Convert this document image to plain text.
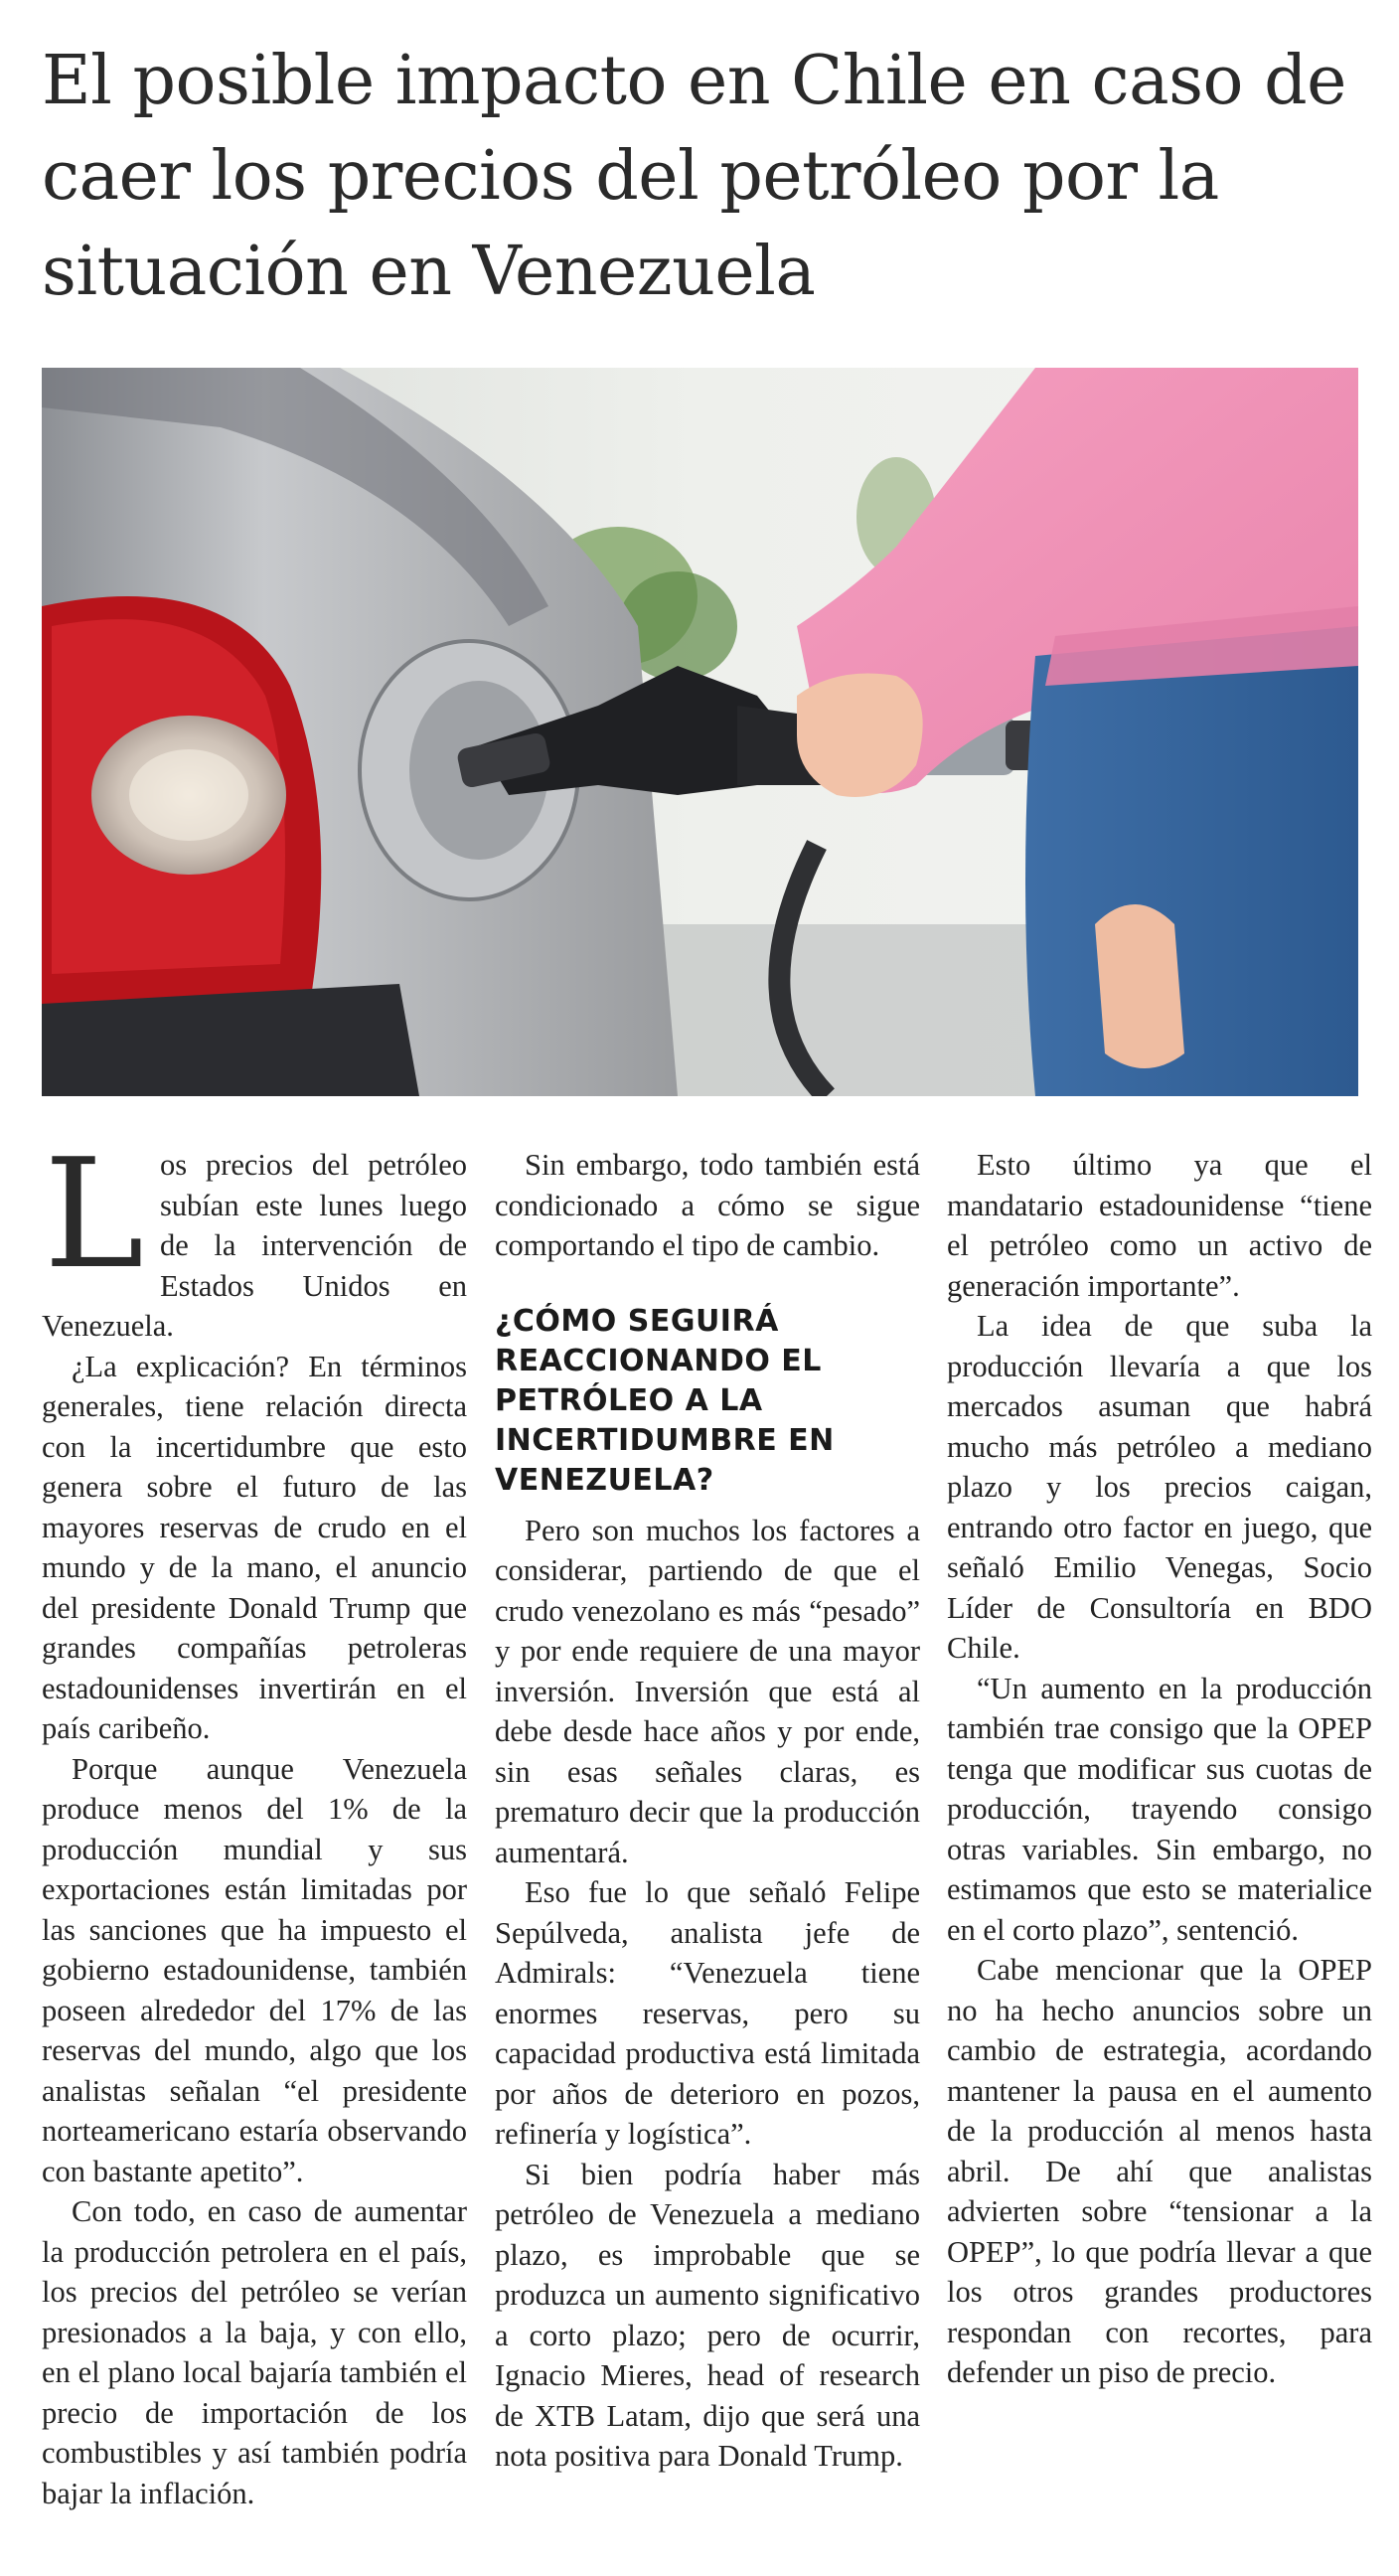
El posible impacto en Chile en caso de caer los precios del petróleo por la situación en Venezuela

Los precios del petróleo subían este lunes luego de la intervención de Estados Unidos en Venezuela.

¿La explicación? En términos generales, tiene relación directa con la incertidumbre que esto genera sobre el futuro de las mayores reservas de crudo en el mundo y de la mano, el anuncio del presidente Donald Trump que grandes compañías petroleras estadounidenses invertirán en el país caribeño.

Porque aunque Venezuela produce menos del 1% de la producción mundial y sus exportaciones están limitadas por las sanciones que ha impuesto el gobierno estadounidense, también poseen alrededor del 17% de las reservas del mundo, algo que los analistas señalan “el presidente norteamericano estaría observando con bastante apetito”.

Con todo, en caso de aumentar la producción petrolera en el país, los precios del petróleo se verían presionados a la baja, y con ello, en el plano local bajaría también el precio de importación de los combustibles y así también podría bajar la inflación.

Sin embargo, todo también está condicionado a cómo se sigue comportando el tipo de cambio.

¿CÓMO SEGUIRÁ REACCIONANDO EL PETRÓLEO A LA INCERTIDUMBRE EN VENEZUELA?

Pero son muchos los factores a considerar, partiendo de que el crudo venezolano es más “pesado” y por ende requiere de una mayor inversión. Inversión que está al debe desde hace años y por ende, sin esas señales claras, es prematuro decir que la producción aumentará.

Eso fue lo que señaló Felipe Sepúlveda, analista jefe de Admirals: “Venezuela tiene enormes reservas, pero su capacidad productiva está limitada por años de deterioro en pozos, refinería y logística”.

Si bien podría haber más petróleo de Venezuela a mediano plazo, es improbable que se produzca un aumento significativo a corto plazo; pero de ocurrir, Ignacio Mieres, head of research de XTB Latam, dijo que será una nota positiva para Donald Trump.

Esto último ya que el mandatario estadounidense “tiene el petróleo como un activo de generación importante”.

La idea de que suba la producción llevaría a que los mercados asuman que habrá mucho más petróleo a mediano plazo y los precios caigan, entrando otro factor en juego, que señaló Emilio Venegas, Socio Líder de Consultoría en BDO Chile.

“Un aumento en la producción también trae consigo que la OPEP tenga que modificar sus cuotas de producción, trayendo consigo otras variables. Sin embargo, no estimamos que esto se materialice en el corto plazo”, sentenció.

Cabe mencionar que la OPEP no ha hecho anuncios sobre un cambio de estrategia, acordando mantener la pausa en el aumento de la producción al menos hasta abril. De ahí que analistas advierten sobre “tensionar a la OPEP”, lo que podría llevar a que los otros grandes productores respondan con recortes, para defender un piso de precio.
